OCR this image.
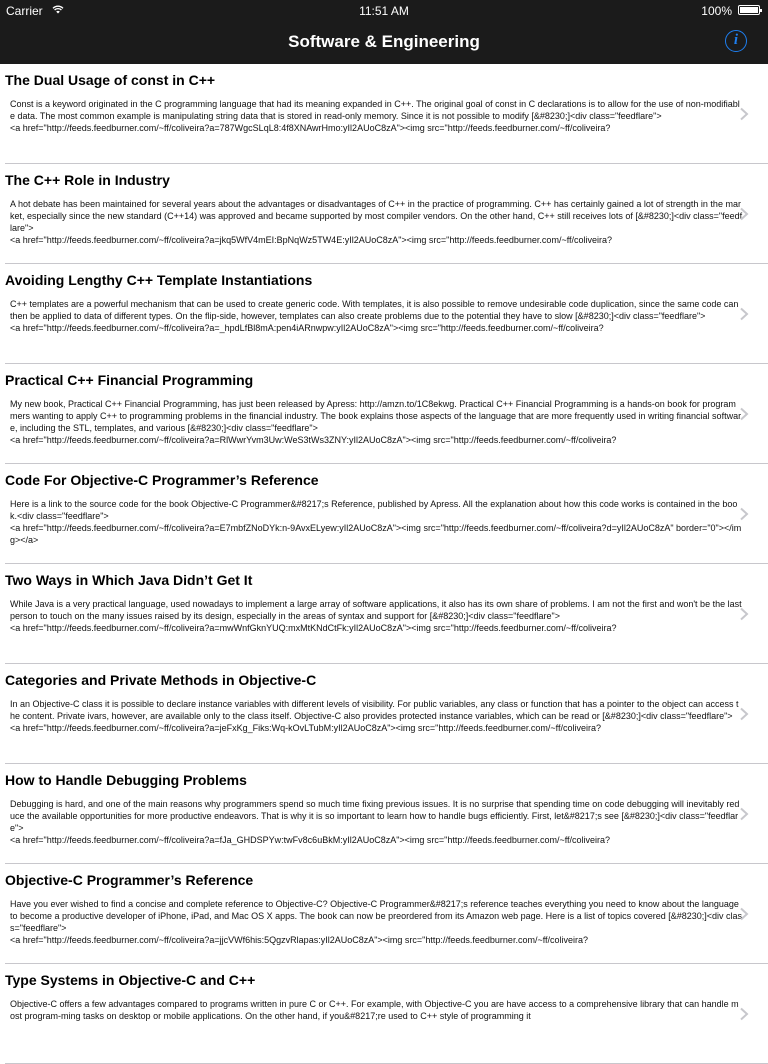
Carrier	11:51 AM	100%
Software & Engineering	i
The Dual Usage of const in C++
Const is a keyword originated in the C programming language that had its meaning expanded in C++. The original goal of const in C declarations is to allow for the use of non-modifiable data. The most common example is manipulating string data that is stored in read-only memory. Since it is not possible to modify [&#8230;]<div class="feedflare">
<a href="http://feeds.feedburner.com/~ff/coliveira?a=787WgcSLqL8:4f8XNAwrHmo:yIl2AUoC8zA"><img src="http://feeds.feedburner.com/~ff/coliveira?
The C++ Role in Industry
A hot debate has been maintained for several years about the advantages or disadvantages of C++ in the practice of programming. C++ has certainly gained a lot of strength in the market, especially since the new standard (C++14) was approved and became supported by most compiler vendors. On the other hand, C++ still receives lots of [&#8230;]<div class="feedflare">
<a href="http://feeds.feedburner.com/~ff/coliveira?a=jkq5WfV4mEI:BpNqWz5TW4E:yIl2AUoC8zA"><img src="http://feeds.feedburner.com/~ff/coliveira?
Avoiding Lengthy C++ Template Instantiations
C++ templates are a powerful mechanism that can be used to create generic code. With templates, it is also possible to remove undesirable code duplication, since the same code can then be applied to data of different types. On the flip-side, however, templates can also create problems due to the potential they have to slow [&#8230;]<div class="feedflare">
<a href="http://feeds.feedburner.com/~ff/coliveira?a=_hpdLfBl8mA:pen4iARnwpw:yIl2AUoC8zA"><img src="http://feeds.feedburner.com/~ff/coliveira?
Practical C++ Financial Programming
My new book, Practical C++ Financial Programming, has just been released by Apress: http://amzn.to/1C8ekwg. Practical C++ Financial Programming is a hands-on book for programmers wanting to apply C++ to programming problems in the financial industry. The book explains those aspects of the language that are more frequently used in writing financial software, including the STL, templates, and various [&#8230;]<div class="feedflare">
<a href="http://feeds.feedburner.com/~ff/coliveira?a=RlWwrYvm3Uw:WeS3tWs3ZNY:yIl2AUoC8zA"><img src="http://feeds.feedburner.com/~ff/coliveira?
Code For Objective-C Programmer’s Reference
Here is a link to the source code for the book Objective-C Programmer&#8217;s Reference, published by Apress. All the explanation about how this code works is contained in the book.<div class="feedflare">
<a href="http://feeds.feedburner.com/~ff/coliveira?a=E7mbfZNoDYk:n-9AvxELyew:yIl2AUoC8zA"><img src="http://feeds.feedburner.com/~ff/coliveira?d=yIl2AUoC8zA" border="0"></img></a>
Two Ways in Which Java Didn’t Get It
While Java is a very practical language, used nowadays to implement a large array of software applications, it also has its own share of problems. I am not the first and won't be the last person to touch on the many issues raised by its design, especially in the areas of syntax and support for [&#8230;]<div class="feedflare">
<a href="http://feeds.feedburner.com/~ff/coliveira?a=mwWnfGknYUQ:mxMtKNdCtFk:yIl2AUoC8zA"><img src="http://feeds.feedburner.com/~ff/coliveira?
Categories and Private Methods in Objective-C
In an Objective-C class it is possible to declare instance variables with different levels of visibility. For public variables, any class or function that has a pointer to the object can access the content. Private ivars, however, are available only to the class itself. Objective-C also provides protected instance variables, which can be read or [&#8230;]<div class="feedflare">
<a href="http://feeds.feedburner.com/~ff/coliveira?a=jeFxKg_Fiks:Wq-kOvLTubM:yIl2AUoC8zA"><img src="http://feeds.feedburner.com/~ff/coliveira?
How to Handle Debugging Problems
Debugging is hard, and one of the main reasons why programmers spend so much time fixing previous issues. It is no surprise that spending time on code debugging will inevitably reduce the available opportunities for more productive endeavors. That is why it is so important to learn how to handle bugs efficiently. First, let&#8217;s see [&#8230;]<div class="feedflare">
<a href="http://feeds.feedburner.com/~ff/coliveira?a=fJa_GHDSPYw:twFv8c6uBkM:yIl2AUoC8zA"><img src="http://feeds.feedburner.com/~ff/coliveira?
Objective-C Programmer’s Reference
Have you ever wished to find a concise and complete reference to Objective-C? Objective-C Programmer&#8217;s reference teaches everything you need to know about the language to become a productive developer of iPhone, iPad, and Mac OS X apps. The book can now be preordered from its Amazon web page. Here is a list of topics covered [&#8230;]<div class="feedflare">
<a href="http://feeds.feedburner.com/~ff/coliveira?a=jjcVWf6his:5QgzvRlapas:yIl2AUoC8zA"><img src="http://feeds.feedburner.com/~ff/coliveira?
Type Systems in Objective-C and C++
Objective-C offers a few advantages compared to programs written in pure C or C++. For example, with Objective-C you are have access to a comprehensive library that can handle most program-ming tasks on desktop or mobile applications. On the other hand, if you&#8217;re used to C++ style of programming it
